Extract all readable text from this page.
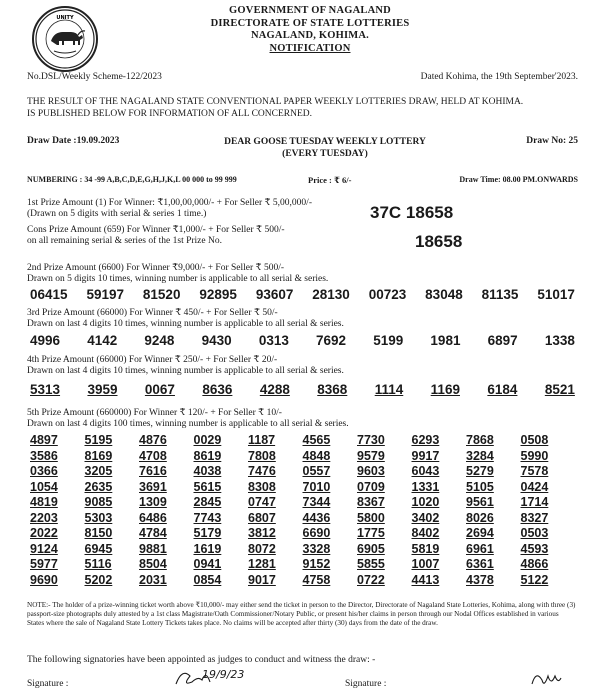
UNITY
GOVERNMENT OF NAGALAND
DIRECTORATE OF STATE LOTTERIES
NAGALAND, KOHIMA.
NOTIFICATION
No.DSL/Weekly Scheme-122/2023	Dated Kohima, the 19th September'2023.
THE RESULT OF THE NAGALAND STATE CONVENTIONAL PAPER WEEKLY LOTTERIES DRAW, HELD AT KOHIMA.
IS PUBLISHED BELOW FOR INFORMATION OF ALL CONCERNED.
Draw Date :19.09.2023	DEAR GOOSE TUESDAY WEEKLY LOTTERY
(EVERY TUESDAY)
Draw No: 25
NUMBERING : 34 -99 A,B,C,D,E,G,H,J,K,L 00 000 to 99 999	Price : ₹ 6/-	Draw Time: 08.00 PM.ONWARDS
1st Prize Amount (1) For Winner: ₹1,00,00,000/- + For Seller ₹ 5,00,000/-
(Drawn on 5 digits with serial & series 1 time.)	37C 18658
Cons Prize Amount (659) For Winner ₹1,000/- + For Seller ₹ 500/-
on all remaining serial & series of the 1st Prize No.	18658
2nd Prize Amount (6600) For Winner ₹9,000/- + For Seller ₹ 500/-
Drawn on 5 digits 10 times, winning number is applicable to all serial & series.
06415 59197 81520 92895 93607 28130 00723 83048 81135 51017
3rd Prize Amount (66000) For Winner ₹ 450/- + For Seller ₹ 50/-
Drawn on last 4 digits 10 times, winning number is applicable to all serial & series.
4996 4142 9248 9430 0313 7692 5199 1981 6897 1338
4th Prize Amount (66000) For Winner ₹ 250/- + For Seller ₹ 20/-
Drawn on last 4 digits 10 times, winning number is applicable to all serial & series.
5313 3959 0067 8636 4288 8368 1114 1169 6184 8521
5th Prize Amount (660000) For Winner ₹ 120/- + For Seller ₹ 10/-
Drawn on last 4 digits 100 times, winning number is applicable to all serial & series.
4897	5195	4876	0029	1187	4565	7730	6293	7868	0508
3586	8169	4708	8619	7808	4848	9579	9917	3284	5990
0366	3205	7616	4038	7476	0557	9603	6043	5279	7578
1054	2635	3691	5615	8308	7010	0709	1331	5105	0424
4819	9085	1309	2845	0747	7344	8367	1020	9561	1714
2203	5303	6486	7743	6807	4436	5800	3402	8026	8327
2022	8150	4784	5179	3812	6690	1775	8402	2694	0503
9124	6945	9881	1619	8072	3328	6905	5819	6961	4593
5977	5116	8504	0941	1281	9152	5855	1007	6361	4866
9690	5202	2031	0854	9017	4758	0722	4413	4378	5122
NOTE:- The holder of a prize-winning ticket worth above ₹10,000/- may either send the ticket in person to the Director, Directorate of Nagaland State Lotteries, Kohima, along with three (3) passport-size photographs duly attested by a 1st class Magistrate/Oath Commissioner/Notary Public, or present his/her claims in person through our Nodal Offices established in various States where the sale of Nagaland State Lottery Tickets takes place. No claims will be accepted after thirty (30) days from the date of the draw.
The following signatories have been appointed as judges to conduct and witness the draw: -
Signature :
19/9/23
Signature :
